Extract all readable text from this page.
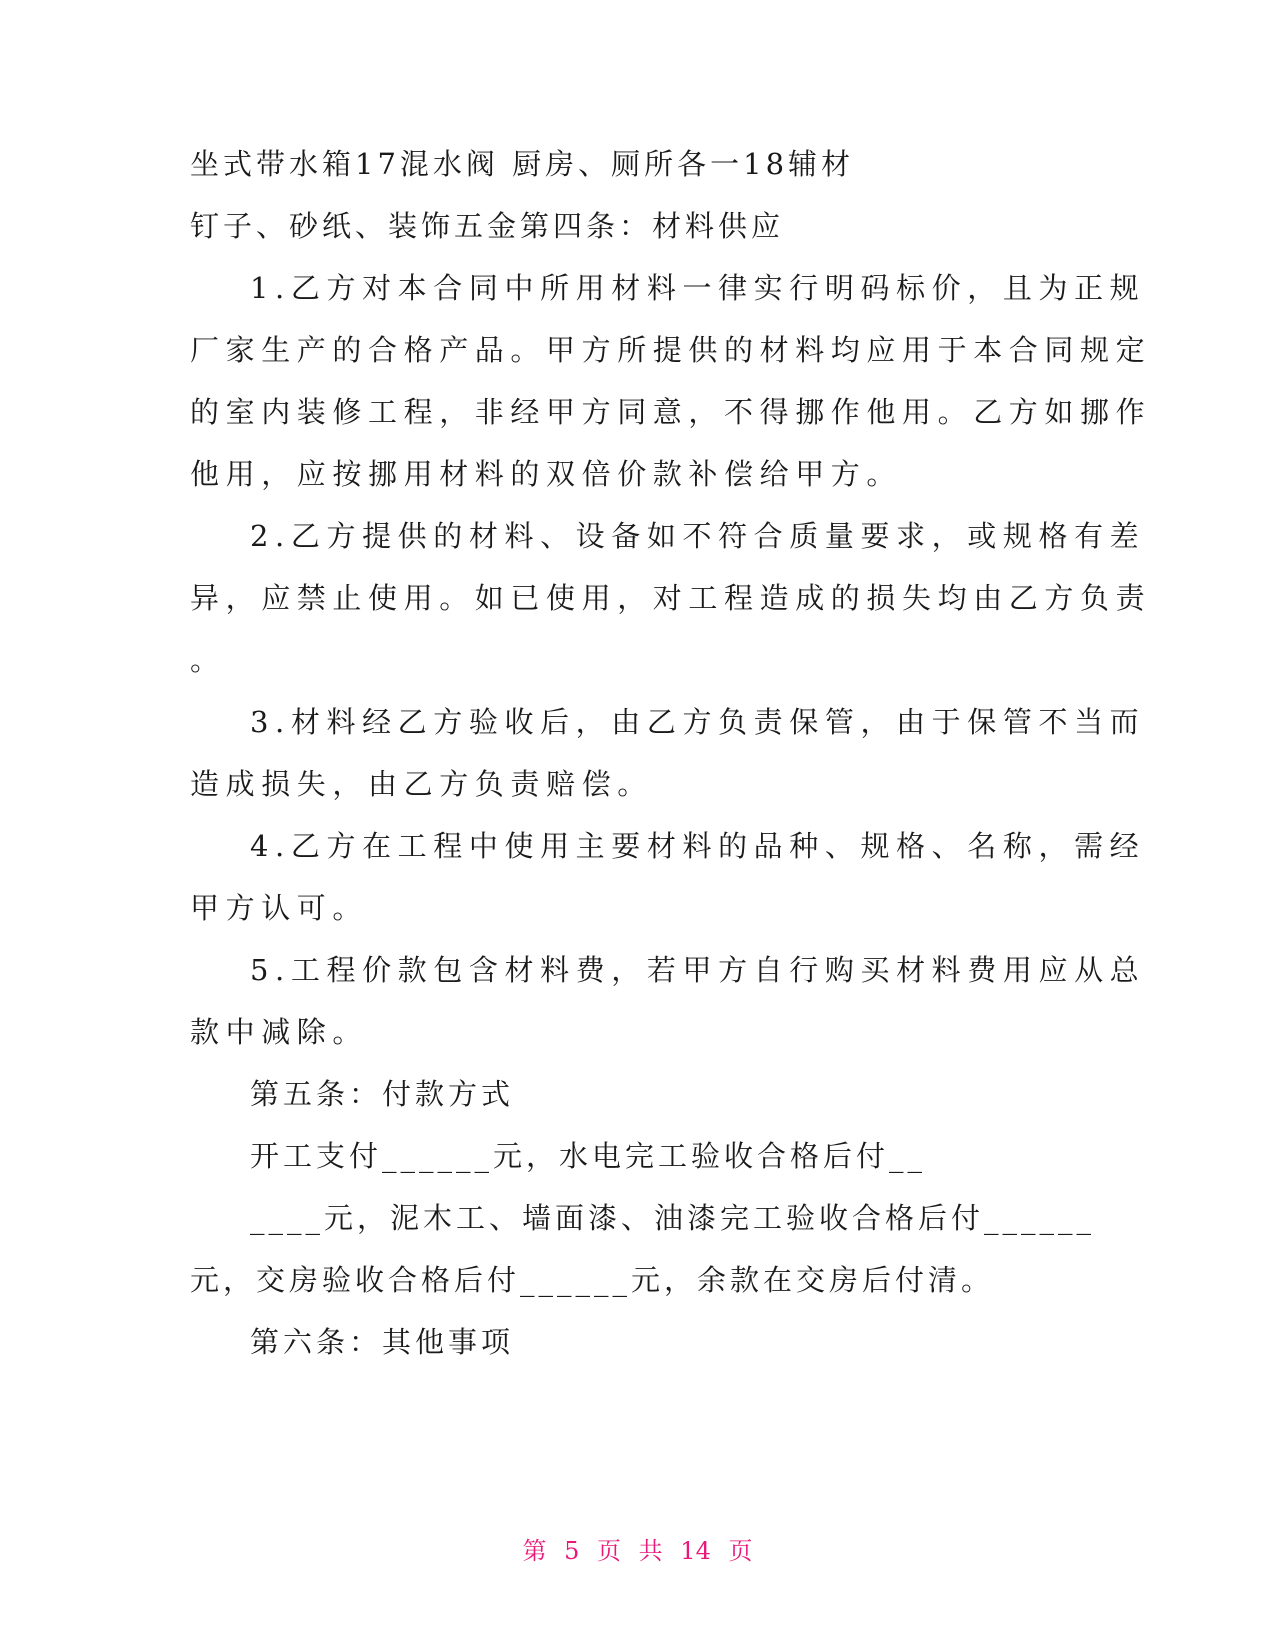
坐式带水箱17混水阀 厨房、厕所各一18辅材
钉子、砂纸、装饰五金第四条：材料供应
1.乙方对本合同中所用材料一律实行明码标价，且为正规
厂家生产的合格产品。甲方所提供的材料均应用于本合同规定
的室内装修工程，非经甲方同意，不得挪作他用。乙方如挪作
他用，应按挪用材料的双倍价款补偿给甲方。
2.乙方提供的材料、设备如不符合质量要求，或规格有差
异，应禁止使用。如已使用，对工程造成的损失均由乙方负责
。
3.材料经乙方验收后，由乙方负责保管，由于保管不当而
造成损失，由乙方负责赔偿。
4.乙方在工程中使用主要材料的品种、规格、名称，需经
甲方认可。
5.工程价款包含材料费，若甲方自行购买材料费用应从总
款中减除。
第五条：付款方式
开工支付______元，水电完工验收合格后付__
____元，泥木工、墙面漆、油漆完工验收合格后付______
元，交房验收合格后付______元，余款在交房后付清。
第六条：其他事项
第 5 页 共 14 页
